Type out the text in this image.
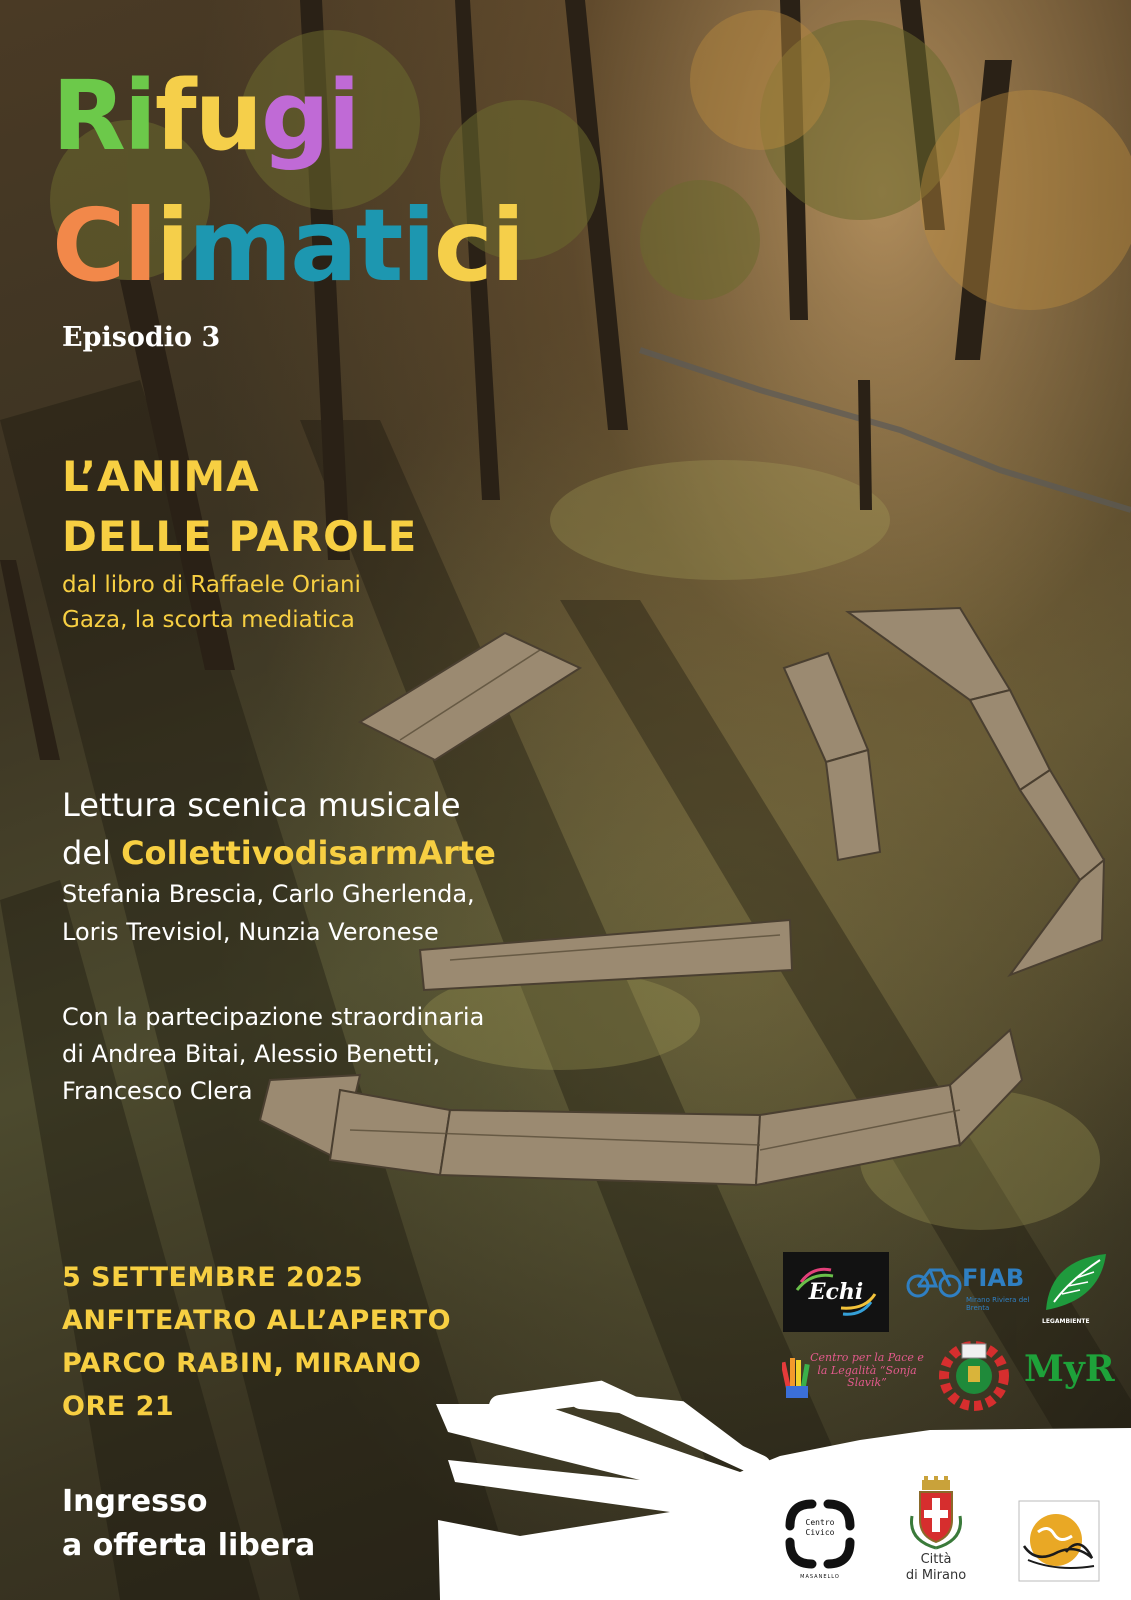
Rifugi
Climatici
Episodio 3
L’ANIMA
DELLE PAROLE
dal libro di Raffaele Oriani
Gaza, la scorta mediatica
Lettura scenica musicale
del CollettivodisarmArte
Stefania Brescia, Carlo Gherlenda,
Loris Trevisiol, Nunzia Veronese
Con la partecipazione straordinaria
di Andrea Bitai, Alessio Benetti,
Francesco Clera
5 SETTEMBRE 2025
ANFITEATRO ALL’APERTO
PARCO RABIN, MIRANO
ORE 21
Ingresso
a offerta libera
Echi	FIAB
Mirano Riviera del Brenta
LEGAMBIENTE
Centro per la Pace e la Legalità “Sonja Slavik”	MyR
Centro Civico
MASANELLO
Città
di Mirano
